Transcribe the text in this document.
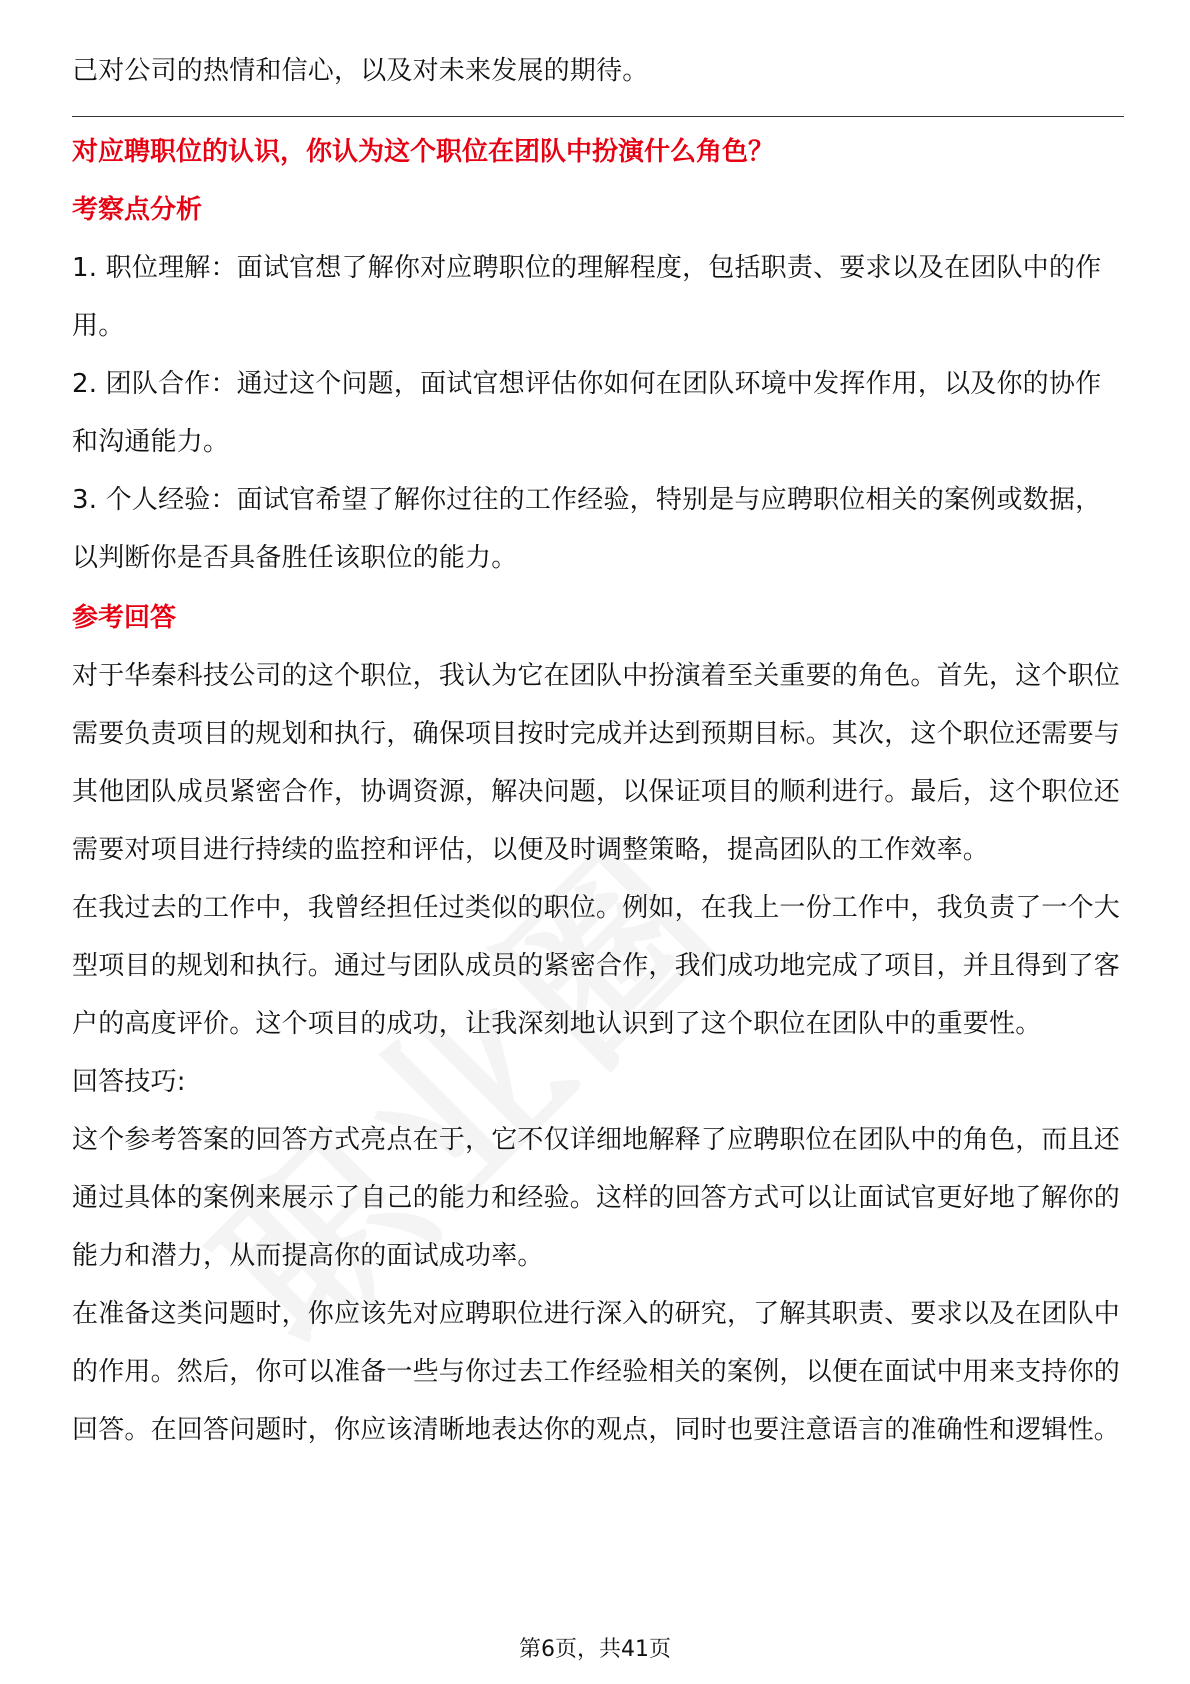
己对公司的热情和信心，以及对未来发展的期待。

对应聘职位的认识，你认为这个职位在团队中扮演什么角色？

考察点分析

1. 职位理解：面试官想了解你对应聘职位的理解程度，包括职责、要求以及在团队中的作用。

2. 团队合作：通过这个问题，面试官想评估你如何在团队环境中发挥作用，以及你的协作和沟通能力。

3. 个人经验：面试官希望了解你过往的工作经验，特别是与应聘职位相关的案例或数据，以判断你是否具备胜任该职位的能力。

参考回答

对于华秦科技公司的这个职位，我认为它在团队中扮演着至关重要的角色。首先，这个职位需要负责项目的规划和执行，确保项目按时完成并达到预期目标。其次，这个职位还需要与其他团队成员紧密合作，协调资源，解决问题，以保证项目的顺利进行。最后，这个职位还需要对项目进行持续的监控和评估，以便及时调整策略，提高团队的工作效率。

在我过去的工作中，我曾经担任过类似的职位。例如，在我上一份工作中，我负责了一个大型项目的规划和执行。通过与团队成员的紧密合作，我们成功地完成了项目，并且得到了客户的高度评价。这个项目的成功，让我深刻地认识到了这个职位在团队中的重要性。

回答技巧:

这个参考答案的回答方式亮点在于，它不仅详细地解释了应聘职位在团队中的角色，而且还通过具体的案例来展示了自己的能力和经验。这样的回答方式可以让面试官更好地了解你的能力和潜力，从而提高你的面试成功率。

在准备这类问题时，你应该先对应聘职位进行深入的研究，了解其职责、要求以及在团队中的作用。然后，你可以准备一些与你过去工作经验相关的案例，以便在面试中用来支持你的回答。在回答问题时，你应该清晰地表达你的观点，同时也要注意语言的准确性和逻辑性。

第6页，共41页
